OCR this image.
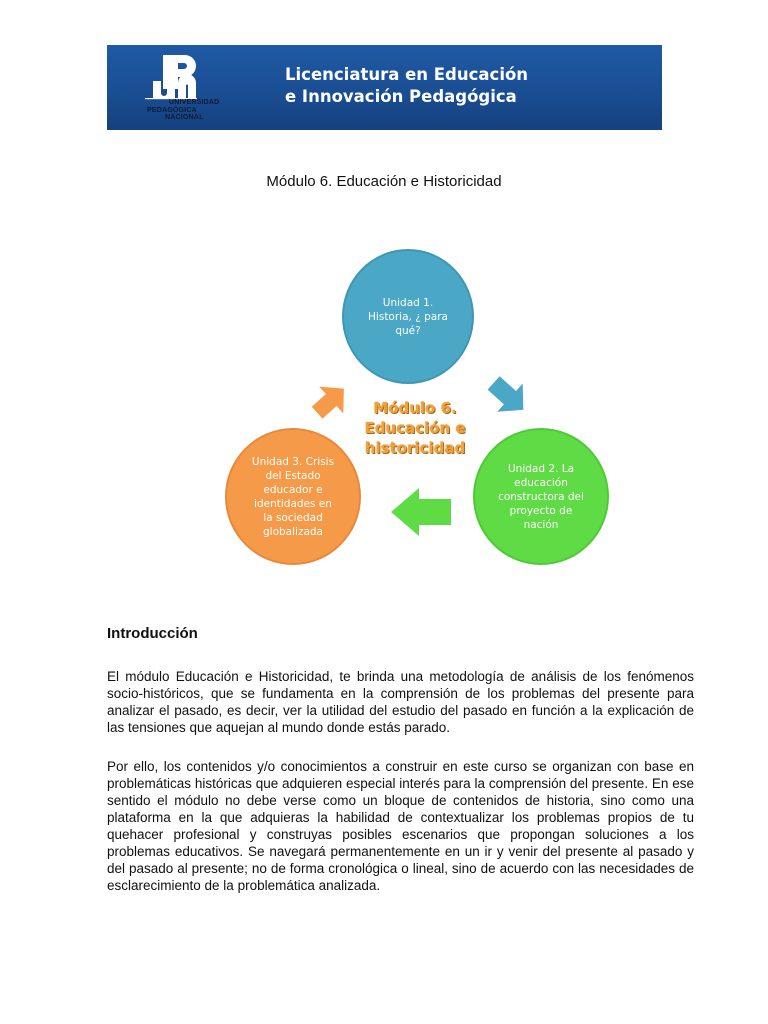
UNIVERSIDAD
PEDAGÓGICA
NACIONAL
Licenciatura en Educación
e Innovación Pedagógica
Módulo 6. Educación e Historicidad
Unidad 1. Historia, ¿ para qué?
Unidad 2. La educación constructora del proyecto de nación
Unidad 3. Crisis del Estado educador e identidades en la sociedad globalizada
Módulo 6.
Educación e
historicidad
Introducción

El módulo Educación e Historicidad, te brinda una metodología de análisis de los fenómenos socio-históricos, que se fundamenta en la comprensión de los problemas del presente para analizar el pasado, es decir, ver la utilidad del estudio del pasado en función a la explicación de las tensiones que aquejan al mundo donde estás parado.

Por ello, los contenidos y/o conocimientos a construir en este curso se organizan con base en problemáticas históricas que adquieren especial interés para la comprensión del presente. En ese sentido el módulo no debe verse como un bloque de contenidos de historia, sino como una plataforma en la que adquieras la habilidad de contextualizar los problemas propios de tu quehacer profesional y construyas posibles escenarios que propongan soluciones a los problemas educativos. Se navegará permanentemente en un ir y venir del presente al pasado y del pasado al presente; no de forma cronológica o lineal, sino de acuerdo con las necesidades de esclarecimiento de la problemática analizada.
